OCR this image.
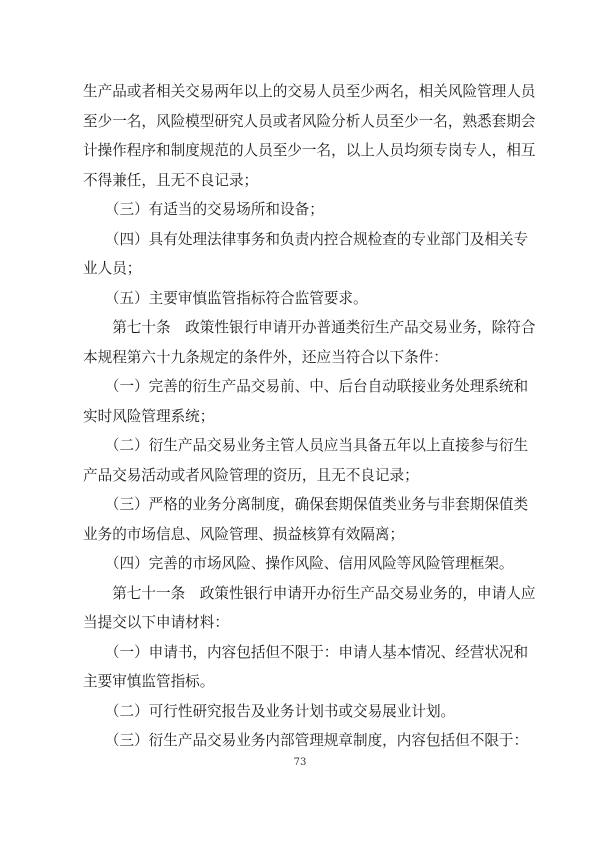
生产品或者相关交易两年以上的交易人员至少两名，相关风险管理人员
至少一名，风险模型研究人员或者风险分析人员至少一名，熟悉套期会
计操作程序和制度规范的人员至少一名，以上人员均须专岗专人，相互
不得兼任，且无不良记录；
　　（三）有适当的交易场所和设备；
　　（四）具有处理法律事务和负责内控合规检查的专业部门及相关专
业人员；
　　（五）主要审慎监管指标符合监管要求。
　　第七十条　政策性银行申请开办普通类衍生产品交易业务，除符合
本规程第六十九条规定的条件外，还应当符合以下条件：
　　（一）完善的衍生产品交易前、中、后台自动联接业务处理系统和
实时风险管理系统；
　　（二）衍生产品交易业务主管人员应当具备五年以上直接参与衍生
产品交易活动或者风险管理的资历，且无不良记录；
　　（三）严格的业务分离制度，确保套期保值类业务与非套期保值类
业务的市场信息、风险管理、损益核算有效隔离；
　　（四）完善的市场风险、操作风险、信用风险等风险管理框架。
　　第七十一条　政策性银行申请开办衍生产品交易业务的，申请人应
当提交以下申请材料：
　　（一）申请书，内容包括但不限于：申请人基本情况、经营状况和
主要审慎监管指标。
　　（二）可行性研究报告及业务计划书或交易展业计划。
　　（三）衍生产品交易业务内部管理规章制度，内容包括但不限于：
73
